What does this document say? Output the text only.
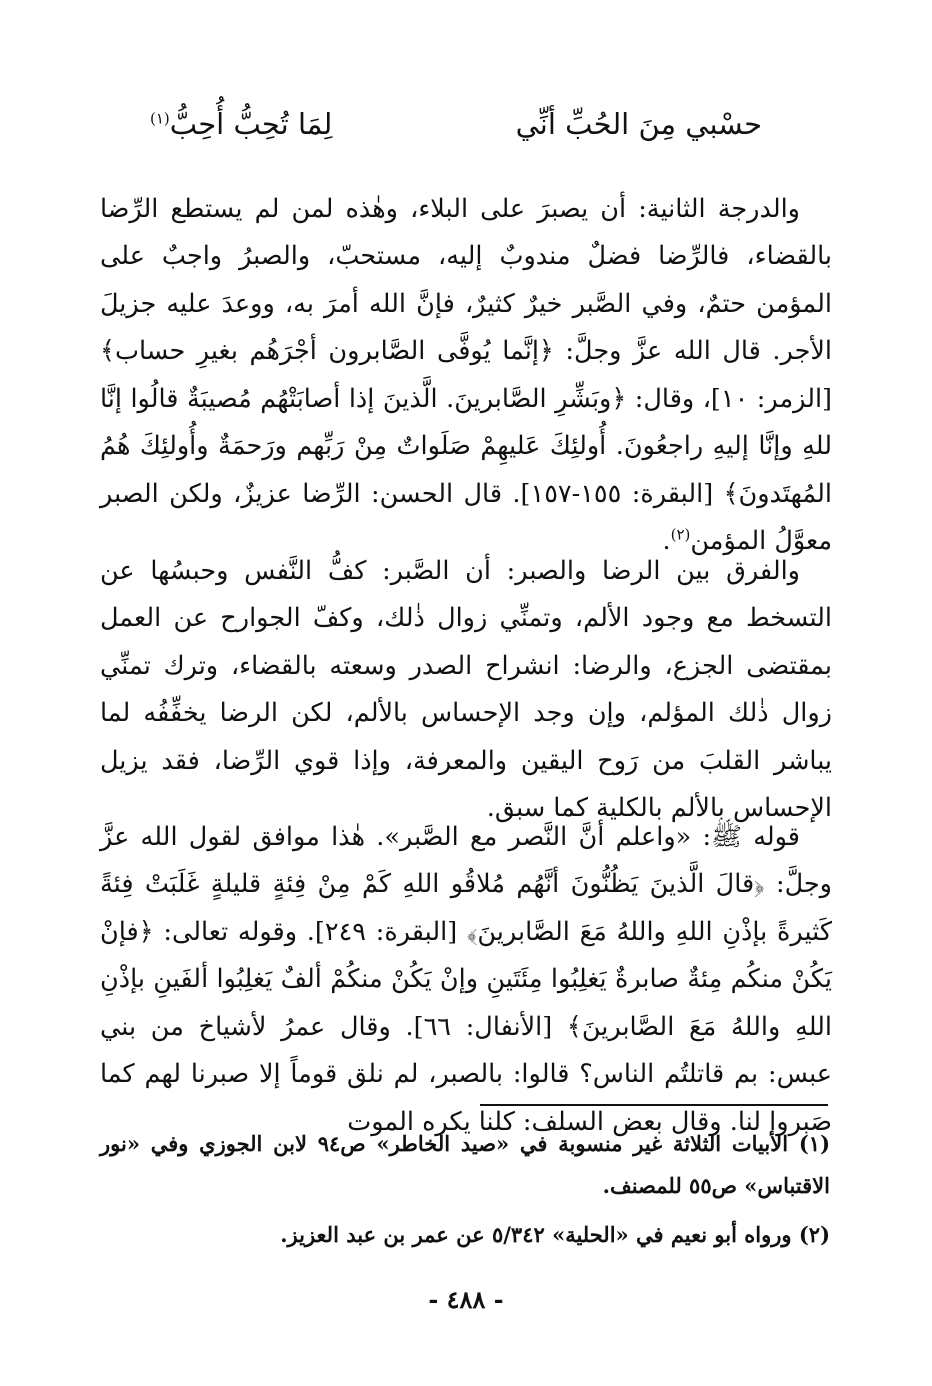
حسْبي مِنَ الحُبِّ أنِّي
لِمَا تُحِبُّ أُحِبُّ$^{(١)}$

والدرجة الثانية: أن يصبرَ على البلاء، وهٰذه لمن لم يستطع الرِّضا بالقضاء، فالرِّضا فضلٌ مندوبٌ إليه، مستحبّ، والصبرُ واجبٌ على المؤمن حتمٌ، وفي الصَّبر خيرٌ كثيرٌ، فإنَّ الله أمرَ به، ووعدَ عليه جزيلَ الأجر. قال الله عزَّ وجلَّ: ﴿إنَّما يُوفَّى الصَّابرون أجْرَهُم بغيرِ حساب﴾ [الزمر: ١٠]، وقال: ﴿وبَشِّرِ الصَّابرينَ. الَّذينَ إذا أصابَتْهُم مُصيبَةٌ قالُوا إنَّا للهِ وإنَّا إليهِ راجعُونَ. أُولئِكَ عَليهِمْ صَلَواتٌ مِنْ رَبِّهم ورَحمَةٌ وأُولئِكَ هُمُ المُهتَدونَ﴾ [البقرة: ١٥٥-١٥٧]. قال الحسن: الرِّضا عزيزٌ، ولكن الصبر معوَّلُ المؤمن$^{(٢)}$.

والفرق بين الرضا والصبر: أن الصَّبر: كفُّ النَّفس وحبسُها عن التسخط مع وجود الألم، وتمنِّي زوال ذٰلك، وكفّ الجوارح عن العمل بمقتضى الجزع، والرضا: انشراح الصدر وسعته بالقضاء، وترك تمنِّي زوال ذٰلك المؤلم، وإن وجد الإحساس بالألم، لكن الرضا يخفِّفُه لما يباشر القلبَ من رَوح اليقين والمعرفة، وإذا قوي الرِّضا، فقد يزيل الإحساس بالألم بالكلية كما سبق.

قوله ﷺ: «واعلم أنَّ النَّصر مع الصَّبر». هٰذا موافق لقول الله عزَّ وجلَّ: ﴿قالَ الَّذينَ يَظُنُّونَ أنَّهُم مُلاقُو اللهِ كَمْ مِنْ فِئةٍ قليلةٍ غَلَبَتْ فِئةً كَثيرةً بإذْنِ اللهِ واللهُ مَعَ الصَّابرينَ﴾ [البقرة: ٢٤٩]. وقوله تعالى: ﴿فإنْ يَكُنْ منكُم مِئةٌ صابرةٌ يَغلِبُوا مِئَتَينِ وإنْ يَكُنْ منكُمْ ألفٌ يَغلِبُوا ألفَينِ بإذْنِ اللهِ واللهُ مَعَ الصَّابرينَ﴾ [الأنفال: ٦٦]. وقال عمرُ لأشياخ من بني عبس: بم قاتلتُم الناس؟ قالوا: بالصبر، لم نلق قوماً إلا صبرنا لهم كما صَبروا لنا. وقال بعض السلف: كلنا يكره الموت

(١) الأبيات الثلاثة غير منسوبة في «صيد الخاطر» ص٩٤ لابن الجوزي وفي «نور الاقتباس» ص٥٥ للمصنف.
(٢) ورواه أبو نعيم في «الحلية» ٥/٣٤٢ عن عمر بن عبد العزيز.
- ٤٨٨ -
